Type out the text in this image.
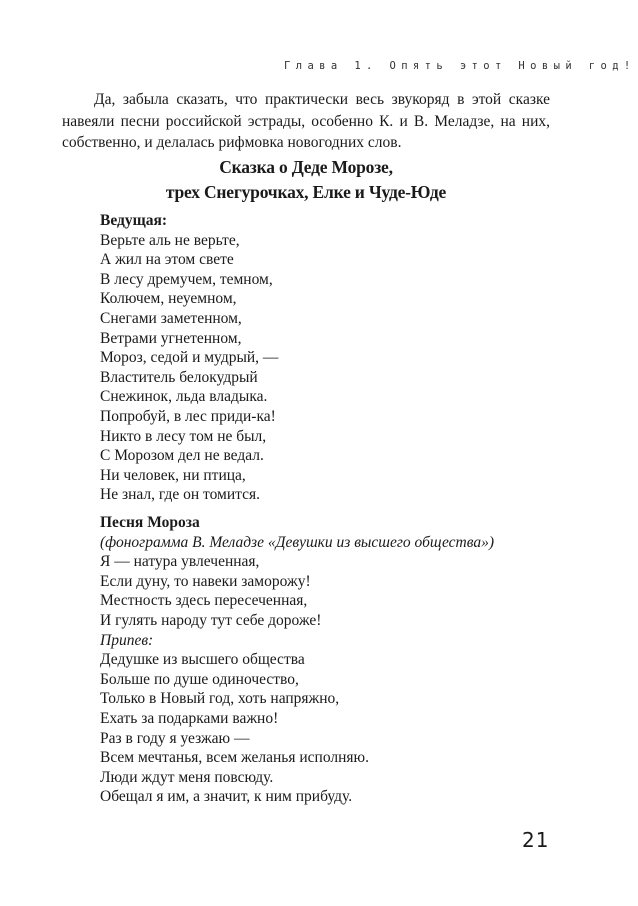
Глава 1. Опять этот Новый год!

Да, забыла сказать, что практически весь звукоряд в этой сказке навеяли песни российской эстрады, особенно К. и В. Меладзе, на них, собственно, и делалась рифмовка новогодних слов.

Сказка о Деде Морозе,
трех Снегурочках, Елке и Чуде-Юде
Ведущая:
Верьте аль не верьте,
А жил на этом свете
В лесу дремучем, темном,
Колючем, неуемном,
Снегами заметенном,
Ветрами угнетенном,
Мороз, седой и мудрый, —
Властитель белокудрый
Снежинок, льда владыка.
Попробуй, в лес приди-ка!
Никто в лесу том не был,
С Морозом дел не ведал.
Ни человек, ни птица,
Не знал, где он томится.
Песня Мороза
(фонограмма В. Меладзе «Девушки из высшего общества»)
Я — натура увлеченная,
Если дуну, то навеки заморожу!
Местность здесь пересеченная,
И гулять народу тут себе дороже!
Припев:
Дедушке из высшего общества
Больше по душе одиночество,
Только в Новый год, хоть напряжно,
Ехать за подарками важно!
Раз в году я уезжаю —
Всем мечтанья, всем желанья исполняю.
Люди ждут меня повсюду.
Обещал я им, а значит, к ним прибуду.
21
